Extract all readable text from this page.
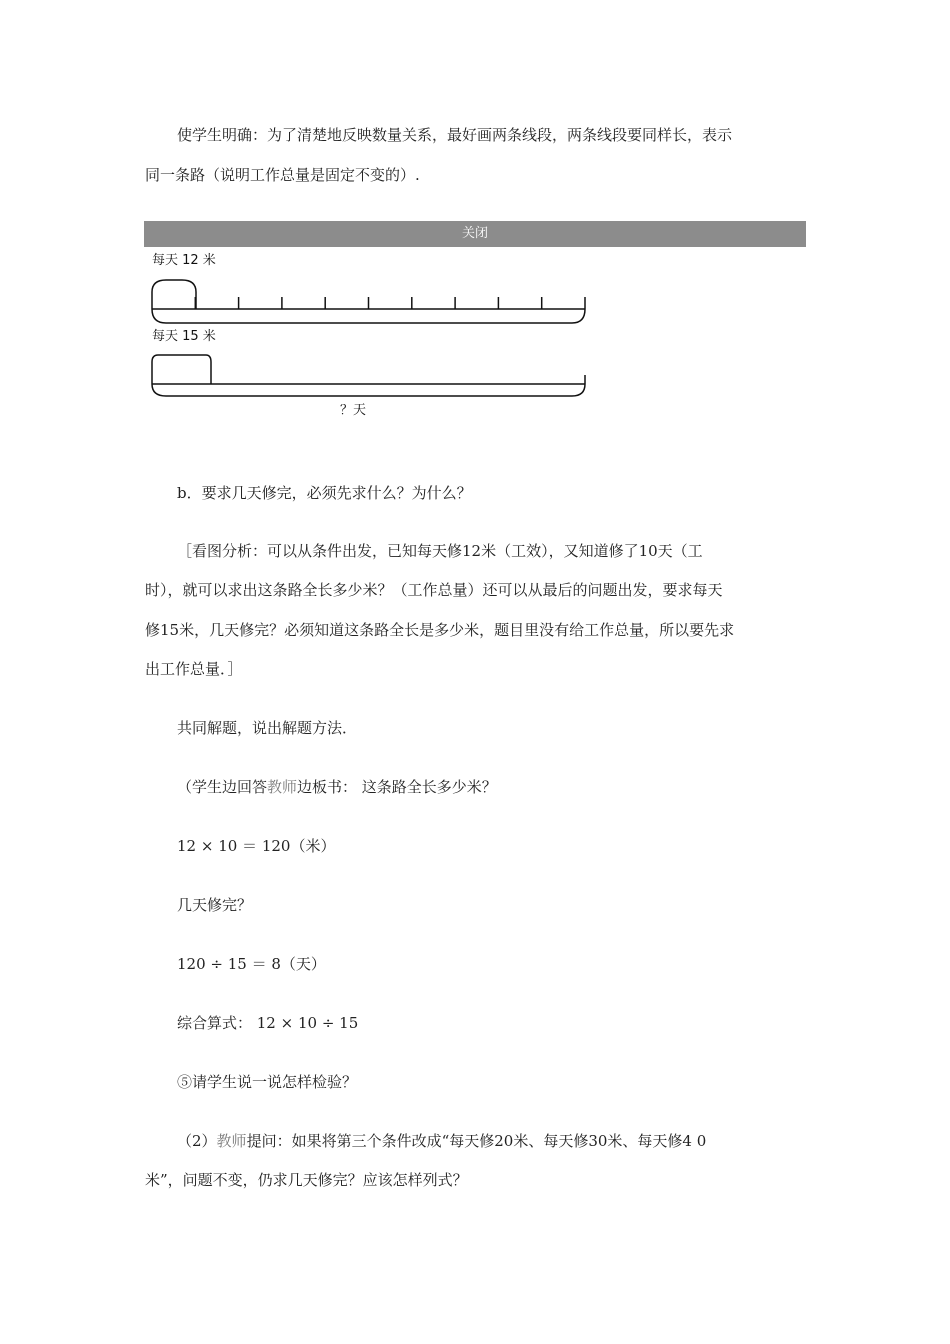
使学生明确：为了清楚地反映数量关系，最好画两条线段，两条线段要同样长，表示

同一条路（说明工作总量是固定不变的）.

关闭
每天 12 米
每天 15 米
？天

b．要求几天修完，必须先求什么？为什么？

［看图分析：可以从条件出发，已知每天修12米（工效），又知道修了10天（工

时），就可以求出这条路全长多少米？（工作总量）还可以从最后的问题出发，要求每天

修15米，几天修完？必须知道这条路全长是多少米，题目里没有给工作总量，所以要先求

出工作总量．］

共同解题，说出解题方法．

（学生边回答教师边板书： 这条路全长多少米？

12 × 10 ＝ 120（米）

几天修完？

120 ÷ 15 ＝ 8（天）

综合算式： 12 × 10 ÷ 15

⑤请学生说一说怎样检验？

（2）教师提问：如果将第三个条件改成“每天修20米、每天修30米、每天修4 0

米”，问题不变，仍求几天修完？应该怎样列式？
